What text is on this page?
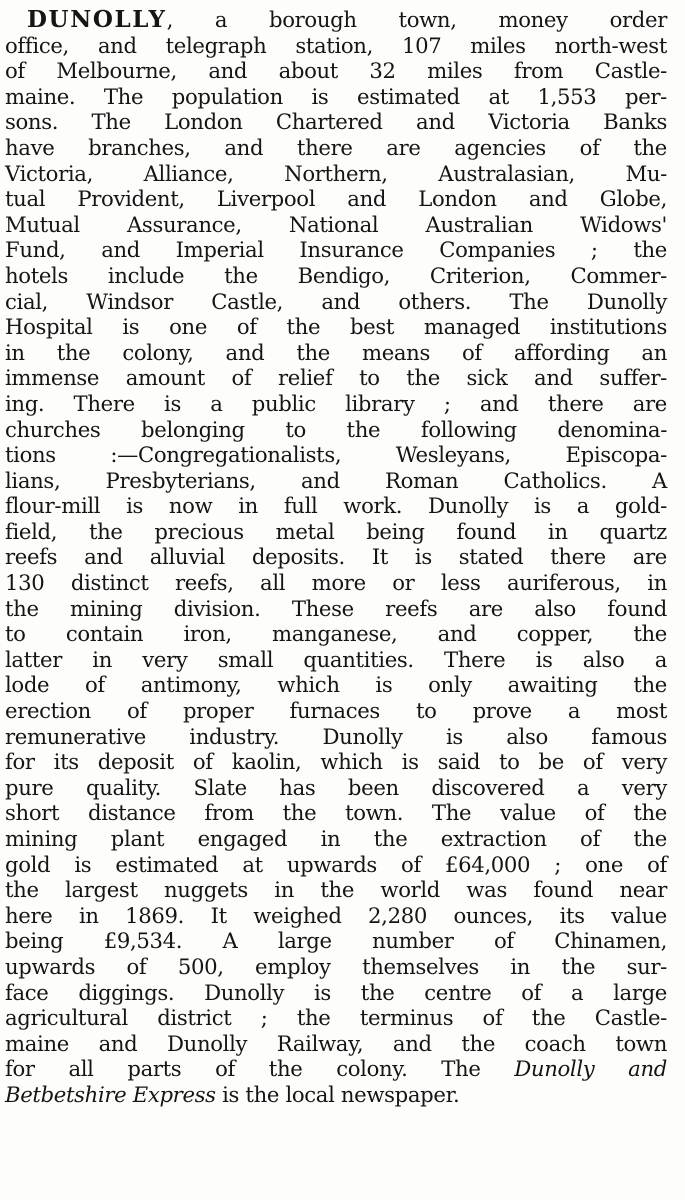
DUNOLLY, a borough town, money order
office, and telegraph station, 107 miles north-west
of Melbourne, and about 32 miles from Castle-
maine. The population is estimated at 1,553 per-
sons. The London Chartered and Victoria Banks
have branches, and there are agencies of the
Victoria, Alliance, Northern, Australasian, Mu-
tual Provident, Liverpool and London and Globe,
Mutual Assurance, National Australian Widows'
Fund, and Imperial Insurance Companies ; the
hotels include the Bendigo, Criterion, Commer-
cial, Windsor Castle, and others. The Dunolly
Hospital is one of the best managed institutions
in the colony, and the means of affording an
immense amount of relief to the sick and suffer-
ing. There is a public library ; and there are
churches belonging to the following denomina-
tions :—Congregationalists, Wesleyans, Episcopa-
lians, Presbyterians, and Roman Catholics. A
flour-mill is now in full work. Dunolly is a gold-
field, the precious metal being found in quartz
reefs and alluvial deposits. It is stated there are
130 distinct reefs, all more or less auriferous, in
the mining division. These reefs are also found
to contain iron, manganese, and copper, the
latter in very small quantities. There is also a
lode of antimony, which is only awaiting the
erection of proper furnaces to prove a most
remunerative industry. Dunolly is also famous
for its deposit of kaolin, which is said to be of very
pure quality. Slate has been discovered a very
short distance from the town. The value of the
mining plant engaged in the extraction of the
gold is estimated at upwards of £64,000 ; one of
the largest nuggets in the world was found near
here in 1869. It weighed 2,280 ounces, its value
being £9,534. A large number of Chinamen,
upwards of 500, employ themselves in the sur-
face diggings. Dunolly is the centre of a large
agricultural district ; the terminus of the Castle-
maine and Dunolly Railway, and the coach town
for all parts of the colony. The Dunolly and
Betbetshire Express is the local newspaper.
